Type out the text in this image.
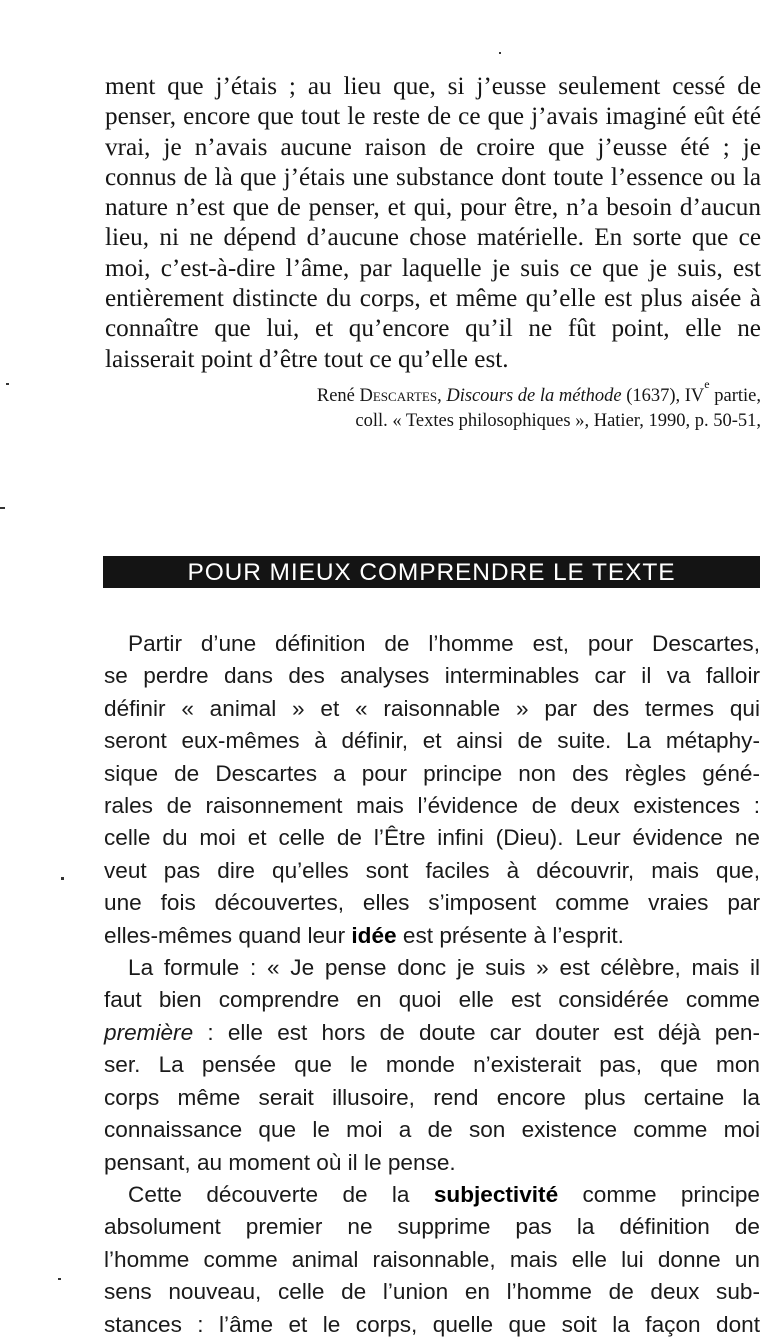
ment que j’étais ; au lieu que, si j’eusse seulement cessé de penser, encore que tout le reste de ce que j’avais imaginé eût été vrai, je n’avais aucune raison de croire que j’eusse été ; je connus de là que j’étais une substance dont toute l’essence ou la nature n’est que de penser, et qui, pour être, n’a besoin d’aucun lieu, ni ne dépend d’aucune chose matérielle. En sorte que ce moi, c’est-à-dire l’âme, par laquelle je suis ce que je suis, est entièrement distincte du corps, et même qu’elle est plus aisée à connaître que lui, et qu’encore qu’il ne fût point, elle ne laisserait point d’être tout ce qu’elle est.
René Descartes, Discours de la méthode (1637), IVe partie,
coll. « Textes philosophiques », Hatier, 1990, p. 50-51,
POUR MIEUX COMPRENDRE LE TEXTE
Partir d’une définition de l’homme est, pour Descartes,
se perdre dans des analyses interminables car il va falloir
définir « animal » et « raisonnable » par des termes qui
seront eux-mêmes à définir, et ainsi de suite. La métaphy-
sique de Descartes a pour principe non des règles géné-
rales de raisonnement mais l’évidence de deux existences :
celle du moi et celle de l’Être infini (Dieu). Leur évidence ne
veut pas dire qu’elles sont faciles à découvrir, mais que,
une fois découvertes, elles s’imposent comme vraies par
elles-mêmes quand leur idée est présente à l’esprit.
La formule : « Je pense donc je suis » est célèbre, mais il
faut bien comprendre en quoi elle est considérée comme
première : elle est hors de doute car douter est déjà pen-
ser. La pensée que le monde n’existerait pas, que mon
corps même serait illusoire, rend encore plus certaine la
connaissance que le moi a de son existence comme moi
pensant, au moment où il le pense.
Cette découverte de la subjectivité comme principe
absolument premier ne supprime pas la définition de
l’homme comme animal raisonnable, mais elle lui donne un
sens nouveau, celle de l’union en l’homme de deux sub-
stances : l’âme et le corps, quelle que soit la façon dont
